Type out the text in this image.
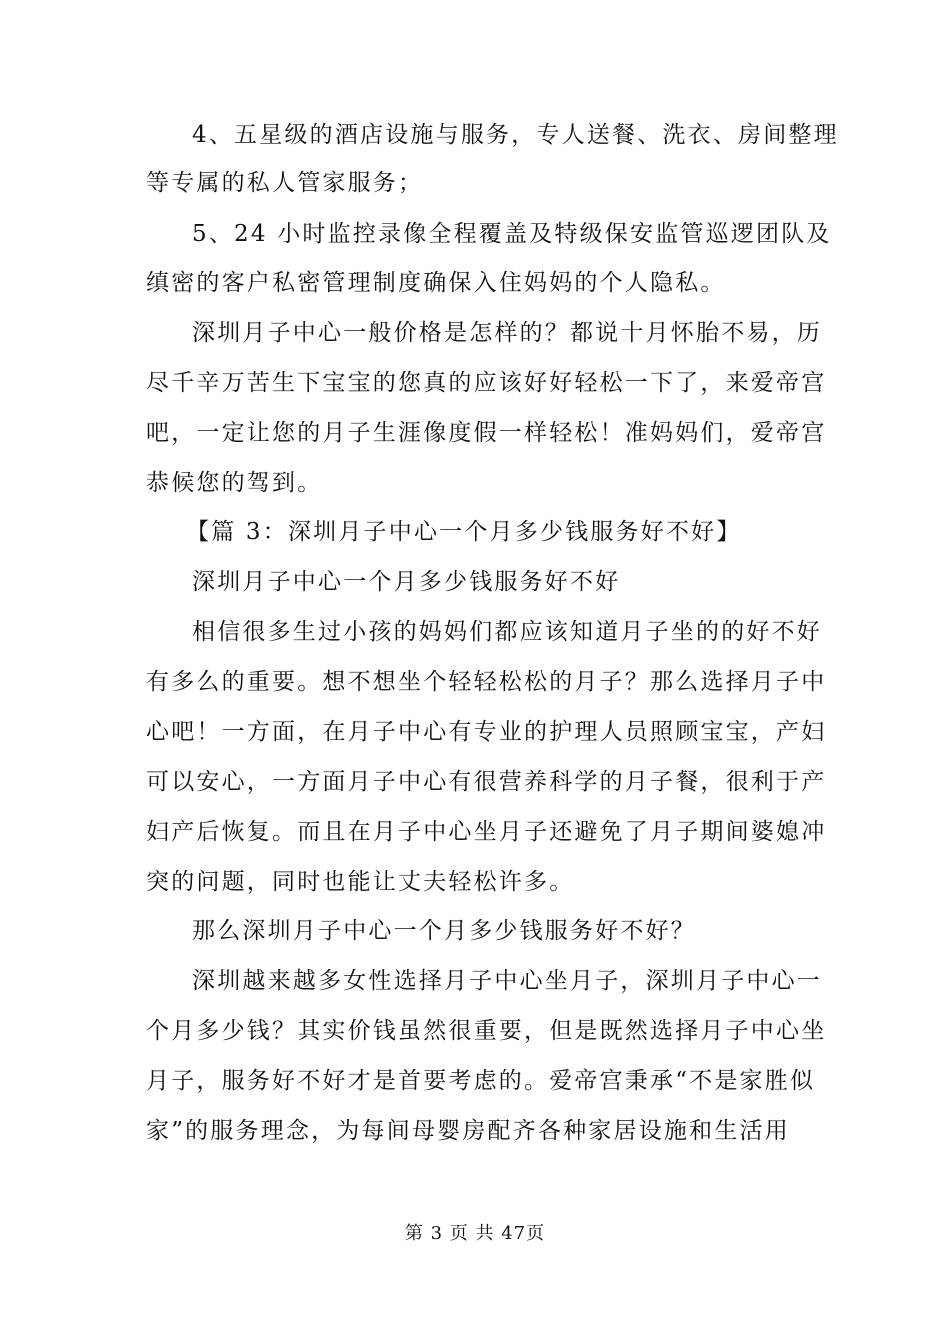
4、五星级的酒店设施与服务，专人送餐、洗衣、房间整理
等专属的私人管家服务；
5、24 小时监控录像全程覆盖及特级保安监管巡逻团队及
缜密的客户私密管理制度确保入住妈妈的个人隐私。
深圳月子中心一般价格是怎样的？都说十月怀胎不易，历
尽千辛万苦生下宝宝的您真的应该好好轻松一下了，来爱帝宫
吧，一定让您的月子生涯像度假一样轻松！准妈妈们，爱帝宫
恭候您的驾到。
【篇 3：深圳月子中心一个月多少钱服务好不好】
深圳月子中心一个月多少钱服务好不好
相信很多生过小孩的妈妈们都应该知道月子坐的的好不好
有多么的重要。想不想坐个轻轻松松的月子？那么选择月子中
心吧！一方面，在月子中心有专业的护理人员照顾宝宝，产妇
可以安心，一方面月子中心有很营养科学的月子餐，很利于产
妇产后恢复。而且在月子中心坐月子还避免了月子期间婆媳冲
突的问题，同时也能让丈夫轻松许多。
那么深圳月子中心一个月多少钱服务好不好？
深圳越来越多女性选择月子中心坐月子，深圳月子中心一
个月多少钱？其实价钱虽然很重要，但是既然选择月子中心坐
月子，服务好不好才是首要考虑的。爱帝宫秉承“不是家胜似
家”的服务理念，为每间母婴房配齐各种家居设施和生活用
第 3 页 共 47页
